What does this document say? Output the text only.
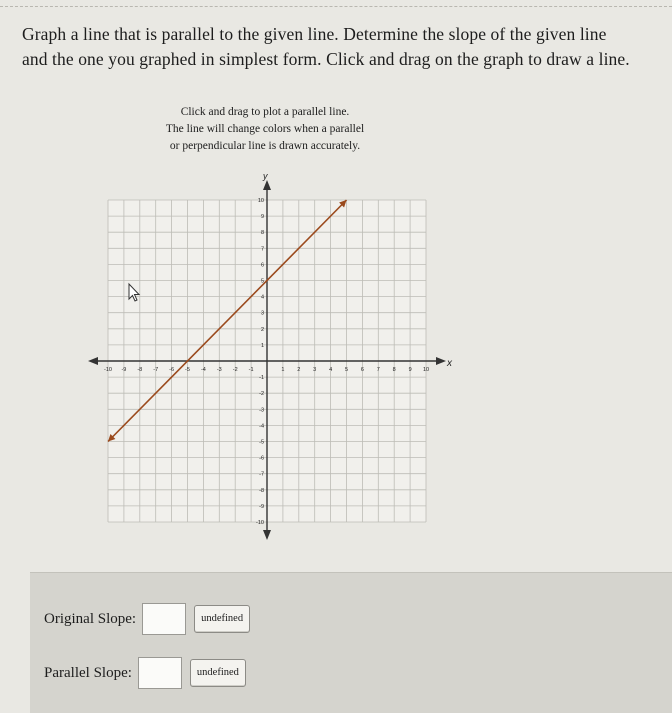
Graph a line that is parallel to the given line. Determine the slope of the given line
and the one you graphed in simplest form. Click and drag on the graph to draw a line.
Click and drag to plot a parallel line.
The line will change colors when a parallel
or perpendicular line is drawn accurately.
-10 -9 -8 -7 -6 -5 -4 -3 -2 -1	1 2 3 4 5 6 7 8 9 10
10
9
8
7
6
5
4
3
2
1
-1
-2
-3
-4
-5
-6
-7
-8
-9
-10
x
y
Original Slope:	undefined
Parallel Slope:	undefined
